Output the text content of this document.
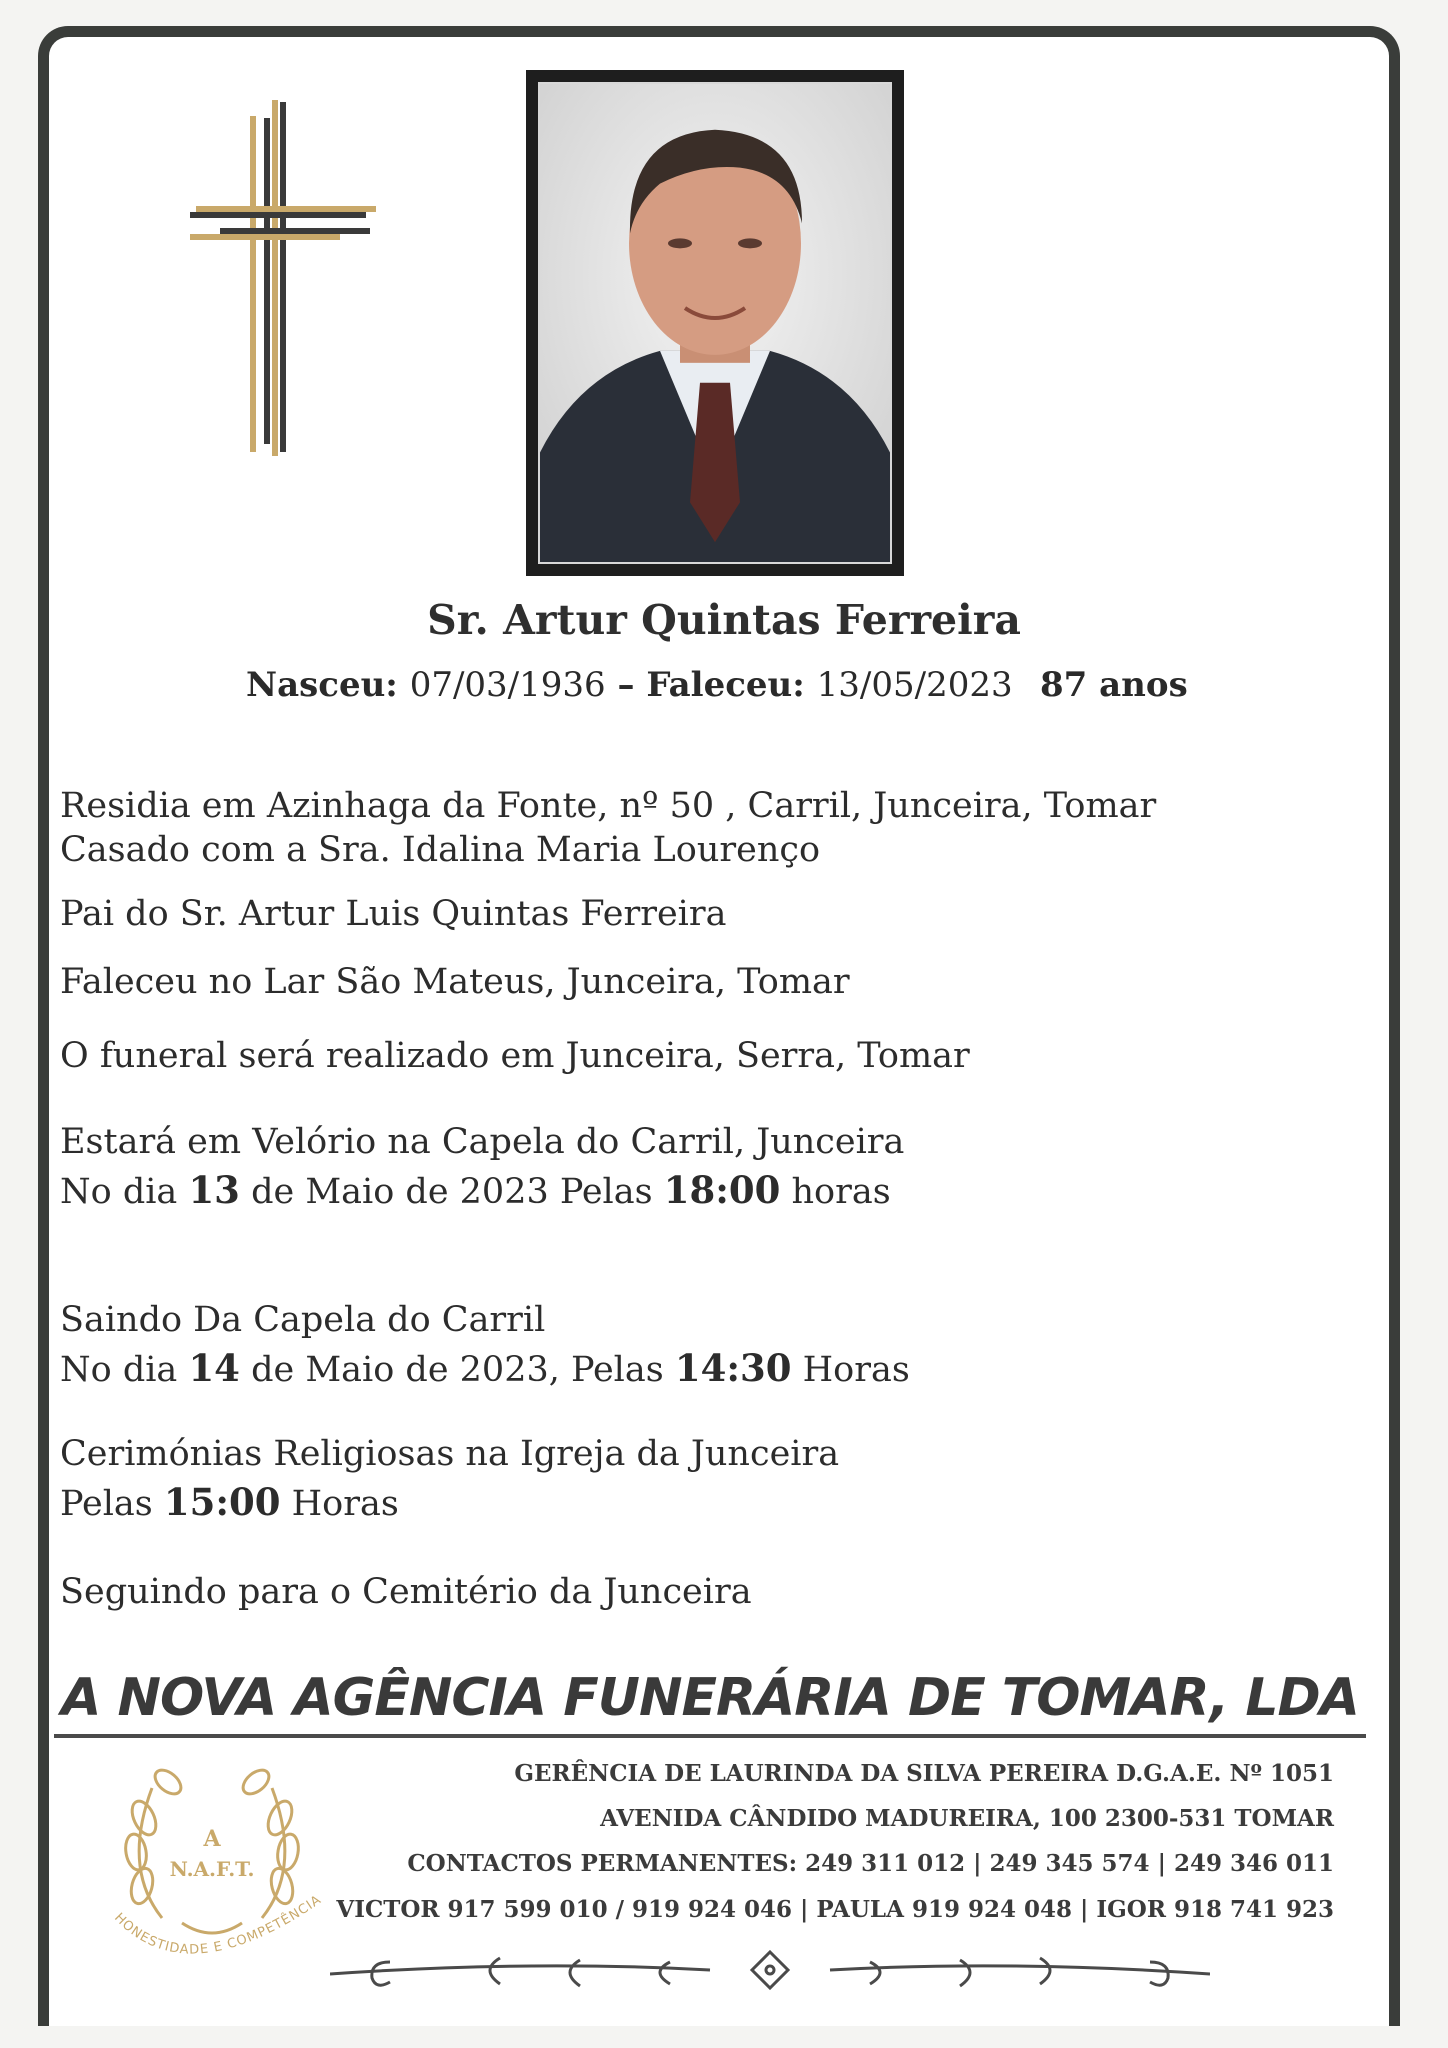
Sr. Artur Quintas Ferreira
Nasceu: 07/03/1936 – Faleceu: 13/05/2023 87 anos
Residia em Azinhaga da Fonte, nº 50 , Carril, Junceira, Tomar
Casado com a Sra. Idalina Maria Lourenço
Pai do Sr. Artur Luis Quintas Ferreira
Faleceu no Lar São Mateus, Junceira, Tomar
O funeral será realizado em Junceira, Serra, Tomar
Estará em Velório na Capela do Carril, Junceira
No dia 13 de Maio de 2023 Pelas 18:00 horas
Saindo Da Capela do Carril
No dia 14 de Maio de 2023, Pelas 14:30 Horas
Cerimónias Religiosas na Igreja da Junceira
Pelas 15:00 Horas
Seguindo para o Cemitério da Junceira
A NOVA AGÊNCIA FUNERÁRIA DE TOMAR, LDA
GERÊNCIA DE LAURINDA DA SILVA PEREIRA D.G.A.E. Nº 1051
AVENIDA CÂNDIDO MADUREIRA, 100 2300-531 TOMAR
CONTACTOS PERMANENTES: 249 311 012 | 249 345 574 | 249 346 011
VICTOR 917 599 010 / 919 924 046 | PAULA 919 924 048 | IGOR 918 741 923
A
N.A.F.T.
HONESTIDADE E COMPETÊNCIA
